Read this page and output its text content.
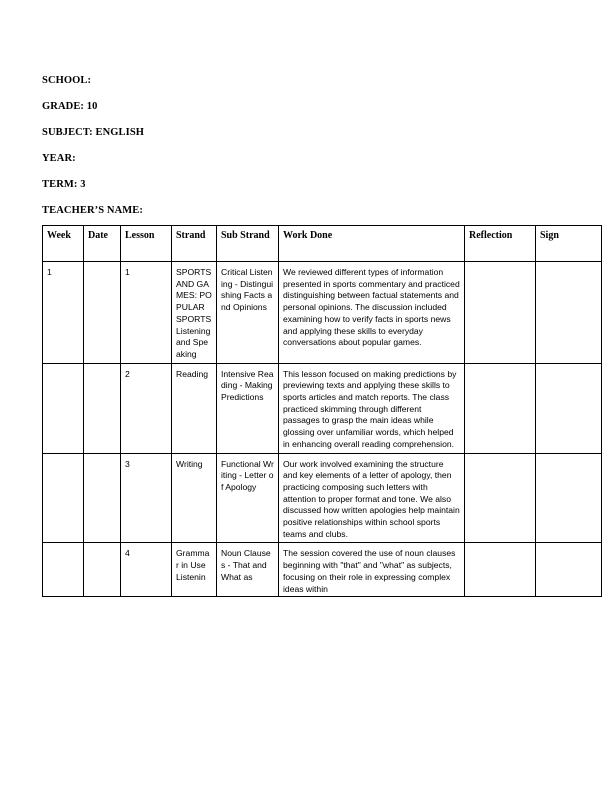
SCHOOL:
GRADE: 10
SUBJECT: ENGLISH
YEAR:
TERM: 3
TEACHER’S NAME:
Week	Date	Lesson	Strand	Sub Strand	Work Done	Reflection	Sign
1		1	SPORTS AND GAMES: POPULAR SPORTS Listening and Speaking	Critical Listening - Distinguishing Facts and Opinions	We reviewed different types of information presented in sports commentary and practiced distinguishing between factual statements and personal opinions. The discussion included examining how to verify facts in sports news and applying these skills to everyday conversations about popular games.		
		2	Reading	Intensive Reading - Making Predictions	This lesson focused on making predictions by previewing texts and applying these skills to sports articles and match reports. The class practiced skimming through different passages to grasp the main ideas while glossing over unfamiliar words, which helped in enhancing overall reading comprehension.		
		3	Writing	Functional Writing - Letter of Apology	Our work involved examining the structure and key elements of a letter of apology, then practicing composing such letters with attention to proper format and tone. We also discussed how written apologies help maintain positive relationships within school sports teams and clubs.		

		4	Grammar in Use Listenin	Noun Clauses - That and What as	The session covered the use of noun clauses beginning with "that" and "what" as subjects, focusing on their role in expressing complex ideas within		
